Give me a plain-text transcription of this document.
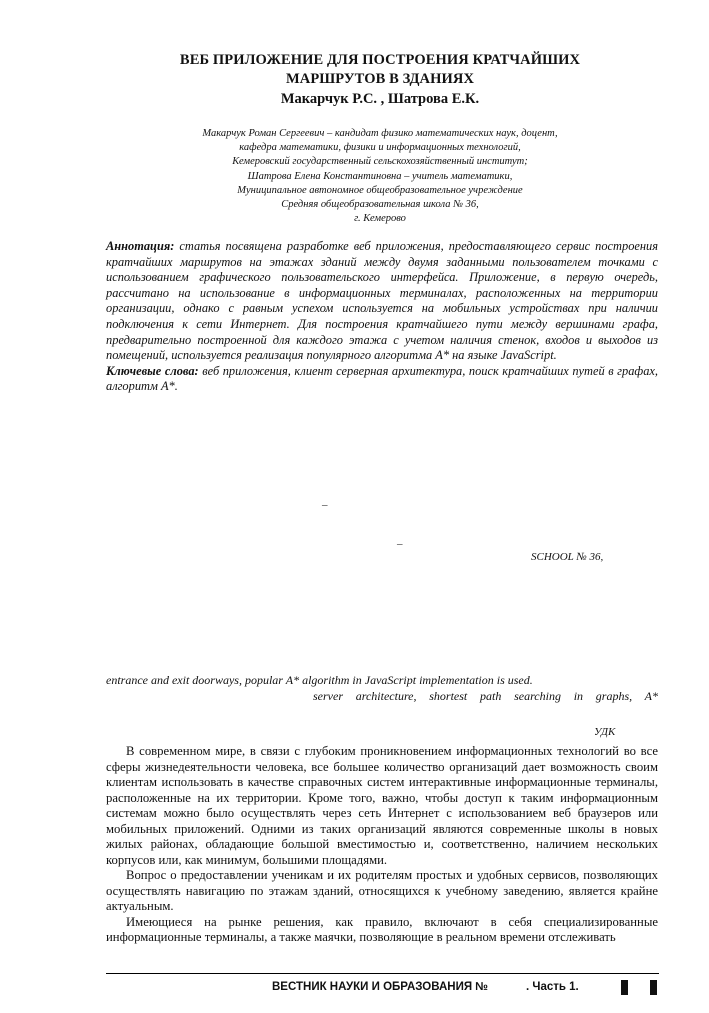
ВЕБ ПРИЛОЖЕНИЕ ДЛЯ ПОСТРОЕНИЯ КРАТЧАЙШИХ
МАРШРУТОВ В ЗДАНИЯХ
Макарчук Р.С. , Шатрова Е.К.
Макарчук Роман Сергеевич – кандидат физико математических наук, доцент,
кафедра математики, физики и информационных технологий,
Кемеровский государственный сельскохозяйственный институт;
Шатрова Елена Константиновна – учитель математики,
Муниципальное автономное общеобразовательное учреждение
Средняя общеобразовательная школа № 36,
г. Кемерово

Аннотация: статья посвящена разработке веб приложения, предоставляющего сервис построения кратчайших маршрутов на этажах зданий между двумя заданными пользователем точками с использованием графического пользовательского интерфейса. Приложение, в первую очередь, рассчитано на использование в информационных терминалах, расположенных на территории организации, однако с равным успехом используется на мобильных устройствах при наличии подключения к сети Интернет. Для построения кратчайшего пути между вершинами графа, предварительно построенной для каждого этажа с учетом наличия стенок, входов и выходов из помещений, используется реализация популярного алгоритма А* на языке JavaScript.

Ключевые слова: веб приложения, клиент серверная архитектура, поиск кратчайших путей в графах, алгоритм А*.

–
–
SCHOOL № 36,
entrance and exit doorways, popular A* algorithm in JavaScript implementation is used.
server architecture, shortest path searching in graphs, A*
УДК

В современном мире, в связи с глубоким проникновением информационных технологий во все сферы жизнедеятельности человека, все большее количество организаций дает возможность своим клиентам использовать в качестве справочных систем интерактивные информационные терминалы, расположенные на их территории. Кроме того, важно, чтобы доступ к таким информационным системам можно было осуществлять через сеть Интернет с использованием веб браузеров или мобильных приложений. Одними из таких организаций являются современные школы в новых жилых районах, обладающие большой вместимостью и, соответственно, наличием нескольких корпусов или, как минимум, большими площадями.

Вопрос о предоставлении ученикам и их родителям простых и удобных сервисов, позволяющих осуществлять навигацию по этажам зданий, относящихся к учебному заведению, является крайне актуальным.

Имеющиеся на рынке решения, как правило, включают в себя специализированные информационные терминалы, а также маячки, позволяющие в реальном времени отслеживать

ВЕСТНИК НАУКИ И ОБРАЗОВАНИЯ №	. Часть 1.
